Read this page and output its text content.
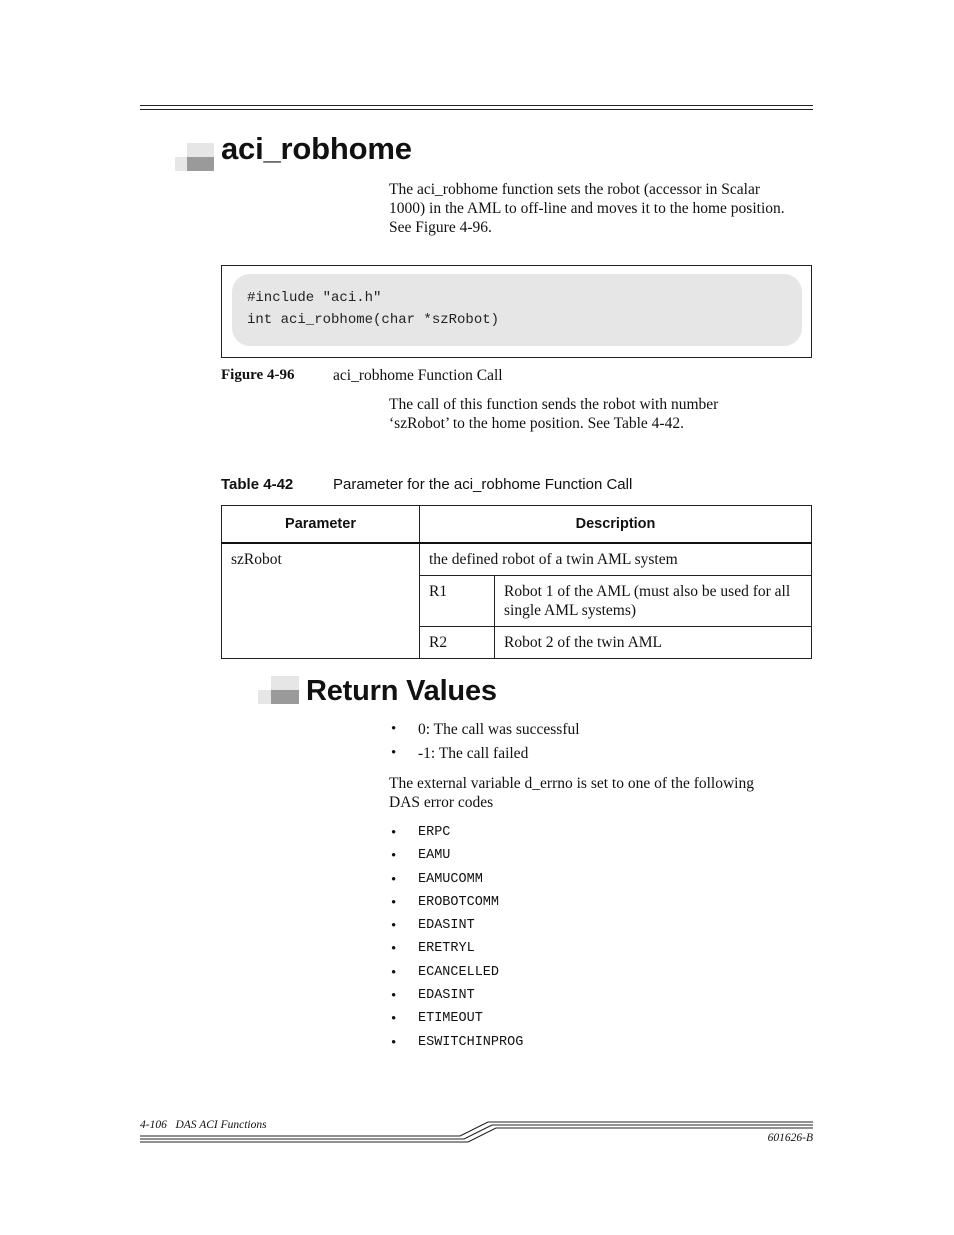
aci_robhome
The aci_robhome function sets the robot (accessor in Scalar
1000) in the AML to off-line and moves it to the home position.
See Figure 4-96.
#include "aci.h"
int aci_robhome(char *szRobot)
Figure 4-96 aci_robhome Function Call
The call of this function sends the robot with number
‘szRobot’ to the home position. See Table 4-42.
Table 4-42	Parameter for the aci_robhome Function Call
Parameter	Description	

szRobot	the defined robot of a twin AML system	

	R1	Robot 1 of the AML (must also be used for all single AML systems)

	R2	Robot 2 of the twin AML
Return Values
• 0: The call was successful
• -1: The call failed
The external variable d_errno is set to one of the following
DAS error codes
• ERPC
• EAMU
• EAMUCOMM
• EROBOTCOMM
• EDASINT
• ERETRYL
• ECANCELLED
• EDASINT
• ETIMEOUT
• ESWITCHINPROG
4-106   DAS ACI Functions
601626-B
